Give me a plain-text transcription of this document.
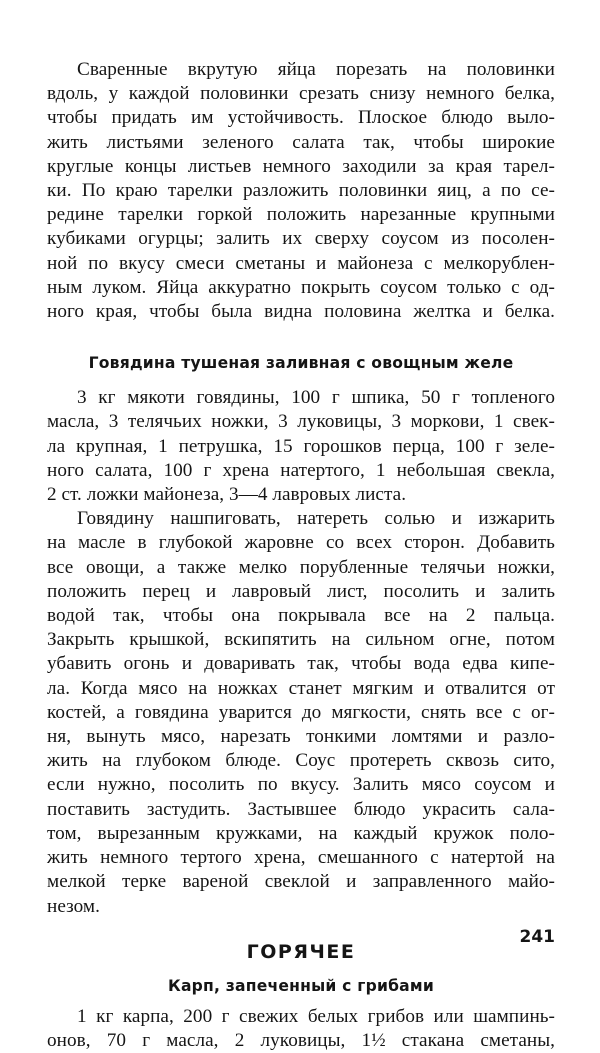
Сваренные вкрутую яйца порезать на половинки

вдоль, у каждой половинки срезать снизу немного белка,

чтобы придать им устойчивость. Плоское блюдо выло-

жить листьями зеленого салата так, чтобы широкие

круглые концы листьев немного заходили за края тарел-

ки. По краю тарелки разложить половинки яиц, а по се-

редине тарелки горкой положить нарезанные крупными

кубиками огурцы; залить их сверху соусом из посолен-

ной по вкусу смеси сметаны и майонеза с мелкорублен-

ным луком. Яйца аккуратно покрыть соусом только с од-

ного края, чтобы была видна половина желтка и белка.

Говядина тушеная заливная с овощным желе

3 кг мякоти говядины, 100 г шпика, 50 г топленого

масла, 3 телячьих ножки, 3 луковицы, 3 моркови, 1 свек-

ла крупная, 1 петрушка, 15 горошков перца, 100 г зеле-

ного салата, 100 г хрена натертого, 1 небольшая свекла,

2 ст. ложки майонеза, 3—4 лавровых листа.

Говядину нашпиговать, натереть солью и изжарить

на масле в глубокой жаровне со всех сторон. Добавить

все овощи, а также мелко порубленные телячьи ножки,

положить перец и лавровый лист, посолить и залить

водой так, чтобы она покрывала все на 2 пальца.

Закрыть крышкой, вскипятить на сильном огне, потом

убавить огонь и доваривать так, чтобы вода едва кипе-

ла. Когда мясо на ножках станет мягким и отвалится от

костей, а говядина уварится до мягкости, снять все с ог-

ня, вынуть мясо, нарезать тонкими ломтями и разло-

жить на глубоком блюде. Соус протереть сквозь сито,

если нужно, посолить по вкусу. Залить мясо соусом и

поставить застудить. Застывшее блюдо украсить сала-

том, вырезанным кружками, на каждый кружок поло-

жить немного тертого хрена, смешанного с натертой на

мелкой терке вареной свеклой и заправленного майо-

незом.

ГОРЯЧЕЕ
Карп, запеченный с грибами

1 кг карпа, 200 г свежих белых грибов или шампинь-

онов, 70 г масла, 2 луковицы, 1½ стакана сметаны,

241
